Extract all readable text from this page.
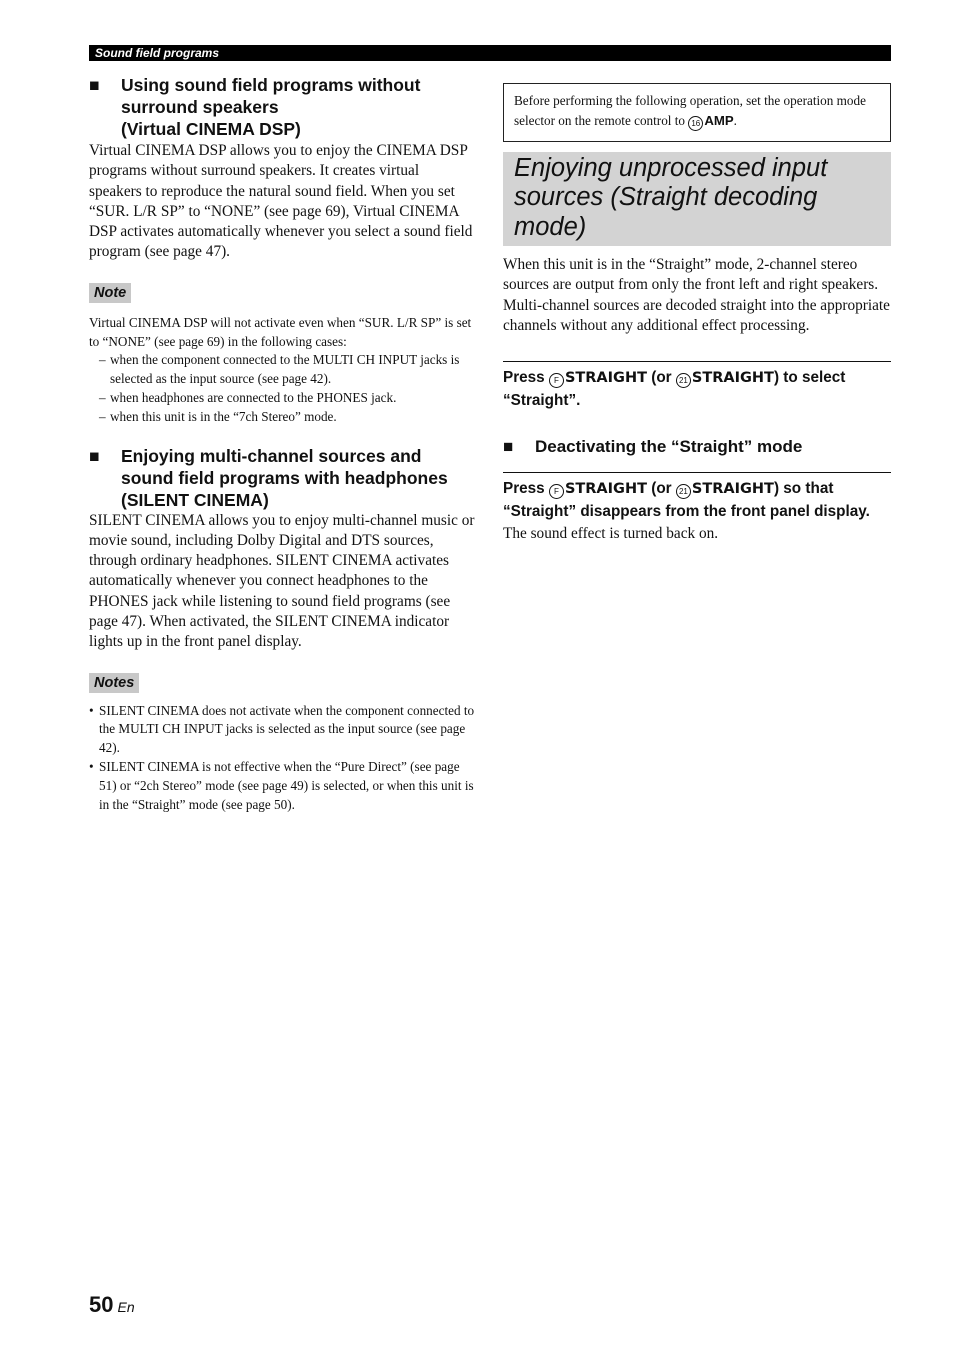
Sound field programs
■ Using sound field programs without
surround speakers
(Virtual CINEMA DSP)

Virtual CINEMA DSP allows you to enjoy the CINEMA DSP programs without surround speakers. It creates virtual speakers to reproduce the natural sound field. When you set “SUR. L/R SP” to “NONE” (see page 69), Virtual CINEMA DSP activates automatically whenever you select a sound field program (see page 47).

Note

Virtual CINEMA DSP will not activate even when “SUR. L/R SP” is set to “NONE” (see page 69) in the following cases:

– when the component connected to the MULTI CH INPUT jacks is selected as the input source (see page 42).
– when headphones are connected to the PHONES jack.
– when this unit is in the “7ch Stereo” mode.
■ Enjoying multi-channel sources and
sound field programs with headphones
(SILENT CINEMA)

SILENT CINEMA allows you to enjoy multi-channel music or movie sound, including Dolby Digital and DTS sources, through ordinary headphones. SILENT CINEMA activates automatically whenever you connect headphones to the PHONES jack while listening to sound field programs (see page 47). When activated, the SILENT CINEMA indicator lights up in the front panel display.

Notes
• SILENT CINEMA does not activate when the component connected to the MULTI CH INPUT jacks is selected as the input source (see page 42).
• SILENT CINEMA is not effective when the “Pure Direct” (see page 51) or “2ch Stereo” mode (see page 49) is selected, or when this unit is in the “Straight” mode (see page 50).
Before performing the following operation, set the operation mode selector on the remote control to 16 AMP.
Enjoying unprocessed input sources (Straight decoding mode)

When this unit is in the “Straight” mode, 2-channel stereo sources are output from only the front left and right speakers. Multi-channel sources are decoded straight into the appropriate channels without any additional effect processing.

Press F STRAIGHT (or 21 STRAIGHT) to select “Straight”.

■ Deactivating the “Straight” mode

Press F STRAIGHT (or 21 STRAIGHT) so that “Straight” disappears from the front panel display.

The sound effect is turned back on.

50 En
